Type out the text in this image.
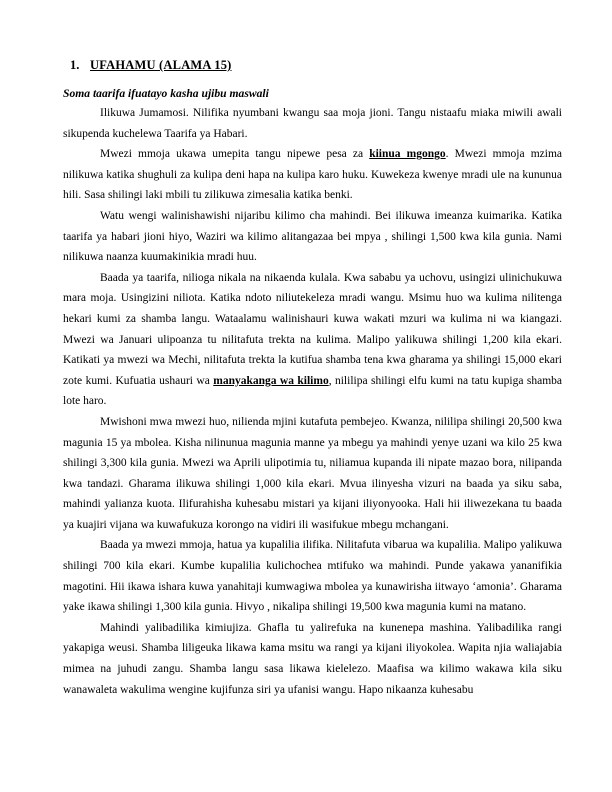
1. UFAHAMU (ALAMA 15)
Soma taarifa ifuatayo kasha ujibu maswali

Ilikuwa Jumamosi. Nilifika nyumbani kwangu saa moja jioni. Tangu nistaafu miaka miwili awali sikupenda kuchelewa Taarifa ya Habari.

Mwezi mmoja ukawa umepita tangu nipewe pesa za kiinua mgongo. Mwezi mmoja mzima nilikuwa katika shughuli za kulipa deni hapa na kulipa karo huku. Kuwekeza kwenye mradi ule na kununua hili. Sasa shilingi laki mbili tu zilikuwa zimesalia katika benki.

Watu wengi walinishawishi nijaribu kilimo cha mahindi. Bei ilikuwa imeanza kuimarika. Katika taarifa ya habari jioni hiyo, Waziri wa kilimo alitangazaa bei mpya , shilingi 1,500 kwa kila gunia. Nami nilikuwa naanza kuumakinikia mradi huu.

Baada ya taarifa, nilioga nikala na nikaenda kulala. Kwa sababu ya uchovu, usingizi ulinichukuwa mara moja. Usingizini niliota. Katika ndoto niliutekeleza mradi wangu. Msimu huo wa kulima nilitenga hekari kumi za shamba langu. Wataalamu walinishauri kuwa wakati mzuri wa kulima ni wa kiangazi. Mwezi wa Januari ulipoanza tu nilitafuta trekta na kulima. Malipo yalikuwa shilingi 1,200 kila ekari. Katikati ya mwezi wa Mechi, nilitafuta trekta la kutifua shamba tena kwa gharama ya shilingi 15,000 ekari zote kumi. Kufuatia ushauri wa manyakanga wa kilimo, nililipa shilingi elfu kumi na tatu kupiga shamba lote haro.

Mwishoni mwa mwezi huo, nilienda mjini kutafuta pembejeo. Kwanza, nililipa shilingi 20,500 kwa magunia 15 ya mbolea. Kisha nilinunua magunia manne ya mbegu ya mahindi yenye uzani wa kilo 25 kwa shilingi 3,300 kila gunia. Mwezi wa Aprili ulipotimia tu, niliamua kupanda ili nipate mazao bora, nilipanda kwa tandazi. Gharama ilikuwa shilingi 1,000 kila ekari. Mvua ilinyesha vizuri na baada ya siku saba, mahindi yalianza kuota. Ilifurahisha kuhesabu mistari ya kijani iliyonyooka. Hali hii iliwezekana tu baada ya kuajiri vijana wa kuwafukuza korongo na vidiri ili wasifukue mbegu mchangani.

Baada ya mwezi mmoja, hatua ya kupalilia ilifika. Nilitafuta vibarua wa kupalilia. Malipo yalikuwa shilingi 700 kila ekari. Kumbe kupalilia kulichochea mtifuko wa mahindi. Punde yakawa yananifikia magotini. Hii ikawa ishara kuwa yanahitaji kumwagiwa mbolea ya kunawirisha iitwayo ‘amonia’. Gharama yake ikawa shilingi 1,300 kila gunia. Hivyo , nikalipa shilingi 19,500 kwa magunia kumi na matano.

Mahindi yalibadilika kimiujiza. Ghafla tu yalirefuka na kunenepa mashina. Yalibadilika rangi yakapiga weusi. Shamba liligeuka likawa kama msitu wa rangi ya kijani iliyokolea. Wapita njia waliajabia mimea na juhudi zangu. Shamba langu sasa likawa kielelezo. Maafisa wa kilimo wakawa kila siku wanawaleta wakulima wengine kujifunza siri ya ufanisi wangu. Hapo nikaanza kuhesabu
